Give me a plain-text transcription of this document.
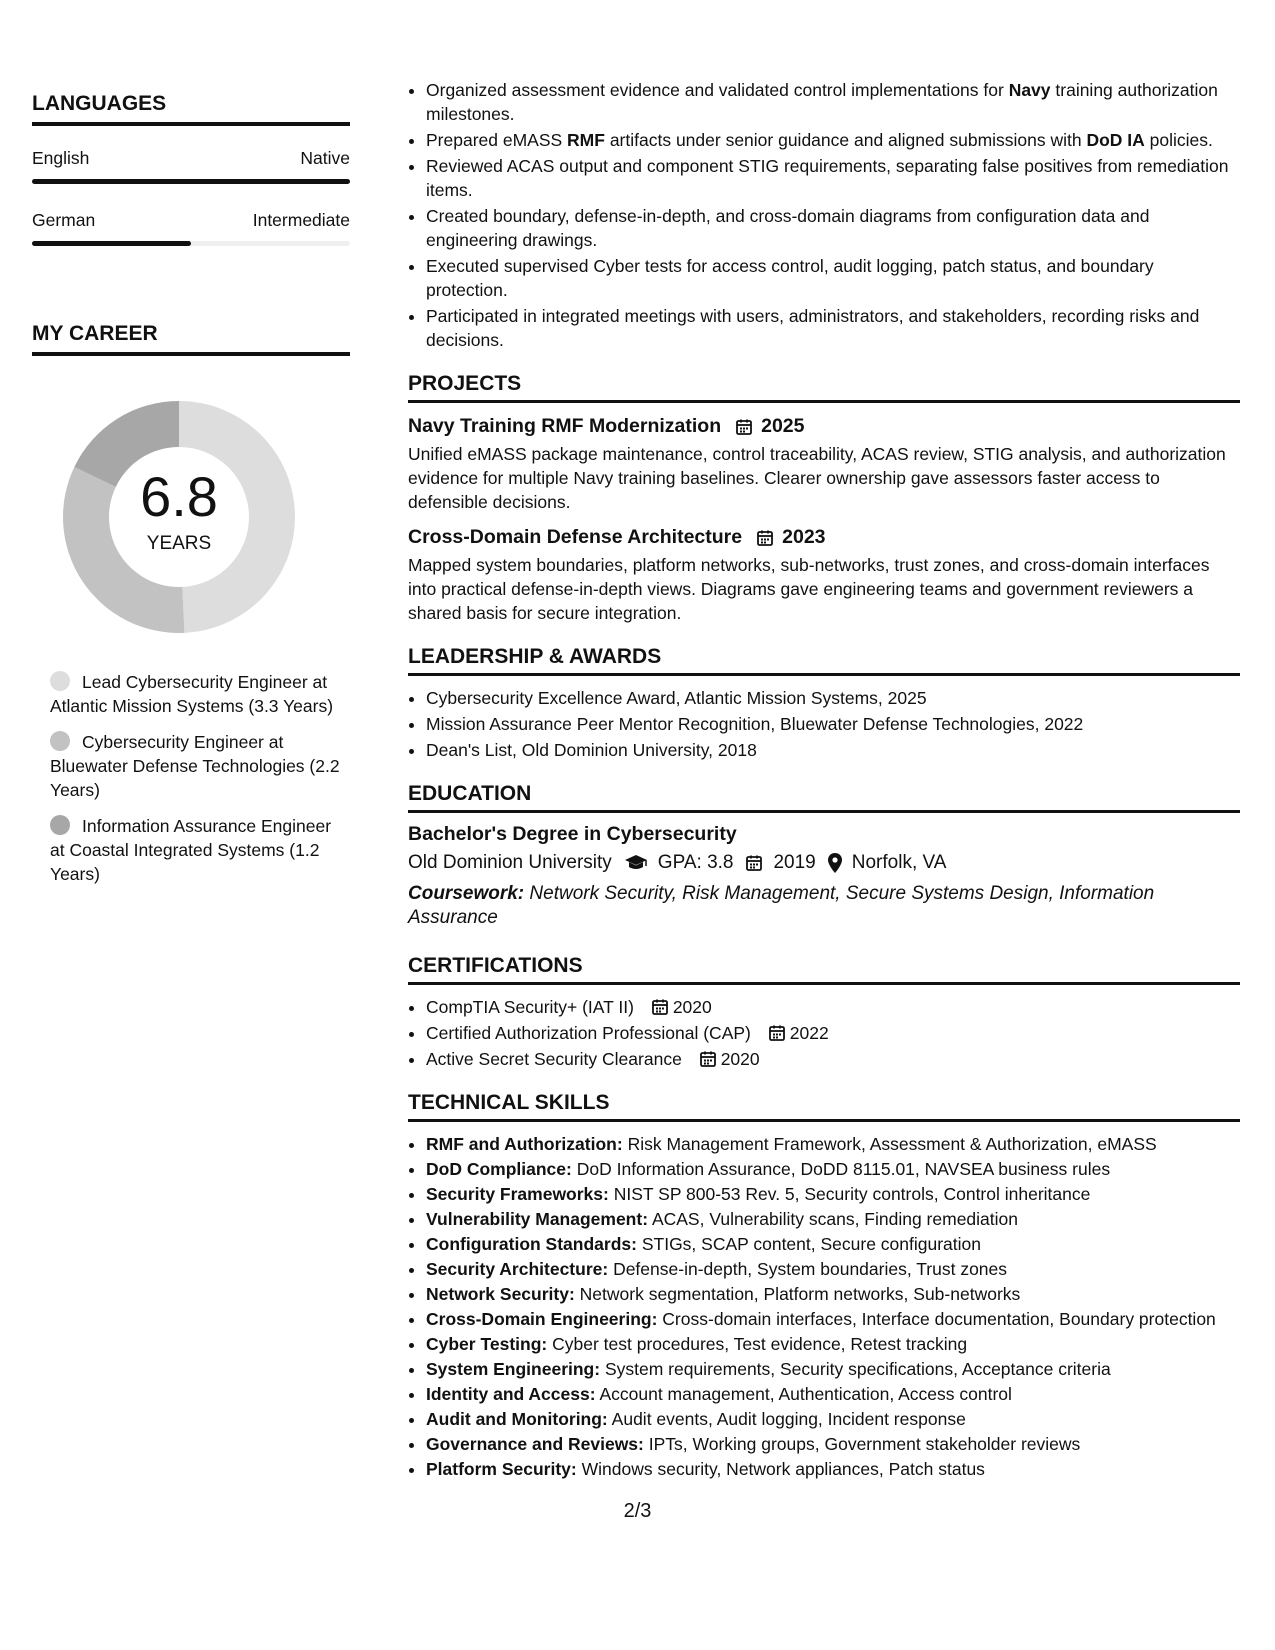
LANGUAGES
English	Native
German	Intermediate
MY CAREER
6.8
YEARS
Lead Cybersecurity Engineer at Atlantic Mission Systems (3.3 Years)
Cybersecurity Engineer at Bluewater Defense Technologies (2.2 Years)
Information Assurance Engineer at Coastal Integrated Systems (1.2 Years)
• Organized assessment evidence and validated control implementations for Navy training authorization milestones.
• Prepared eMASS RMF artifacts under senior guidance and aligned submissions with DoD IA policies.
• Reviewed ACAS output and component STIG requirements, separating false positives from remediation items.
• Created boundary, defense-in-depth, and cross-domain diagrams from configuration data and engineering drawings.
• Executed supervised Cyber tests for access control, audit logging, patch status, and boundary protection.
• Participated in integrated meetings with users, administrators, and stakeholders, recording risks and decisions.
PROJECTS
Navy Training RMF Modernization 2025
Unified eMASS package maintenance, control traceability, ACAS review, STIG analysis, and authorization evidence for multiple Navy training baselines. Clearer ownership gave assessors faster access to defensible decisions.
Cross-Domain Defense Architecture 2023
Mapped system boundaries, platform networks, sub-networks, trust zones, and cross-domain interfaces into practical defense-in-depth views. Diagrams gave engineering teams and government reviewers a shared basis for secure integration.
LEADERSHIP & AWARDS
• Cybersecurity Excellence Award, Atlantic Mission Systems, 2025
• Mission Assurance Peer Mentor Recognition, Bluewater Defense Technologies, 2022
• Dean's List, Old Dominion University, 2018
EDUCATION
Bachelor's Degree in Cybersecurity
Old Dominion University GPA: 3.8 2019 Norfolk, VA
Coursework: Network Security, Risk Management, Secure Systems Design, Information Assurance
CERTIFICATIONS
• CompTIA Security+ (IAT II) 2020
• Certified Authorization Professional (CAP) 2022
• Active Secret Security Clearance 2020
TECHNICAL SKILLS
• RMF and Authorization: Risk Management Framework, Assessment & Authorization, eMASS
• DoD Compliance: DoD Information Assurance, DoDD 8115.01, NAVSEA business rules
• Security Frameworks: NIST SP 800-53 Rev. 5, Security controls, Control inheritance
• Vulnerability Management: ACAS, Vulnerability scans, Finding remediation
• Configuration Standards: STIGs, SCAP content, Secure configuration
• Security Architecture: Defense-in-depth, System boundaries, Trust zones
• Network Security: Network segmentation, Platform networks, Sub-networks
• Cross-Domain Engineering: Cross-domain interfaces, Interface documentation, Boundary protection
• Cyber Testing: Cyber test procedures, Test evidence, Retest tracking
• System Engineering: System requirements, Security specifications, Acceptance criteria
• Identity and Access: Account management, Authentication, Access control
• Audit and Monitoring: Audit events, Audit logging, Incident response
• Governance and Reviews: IPTs, Working groups, Government stakeholder reviews
• Platform Security: Windows security, Network appliances, Patch status
2/3
